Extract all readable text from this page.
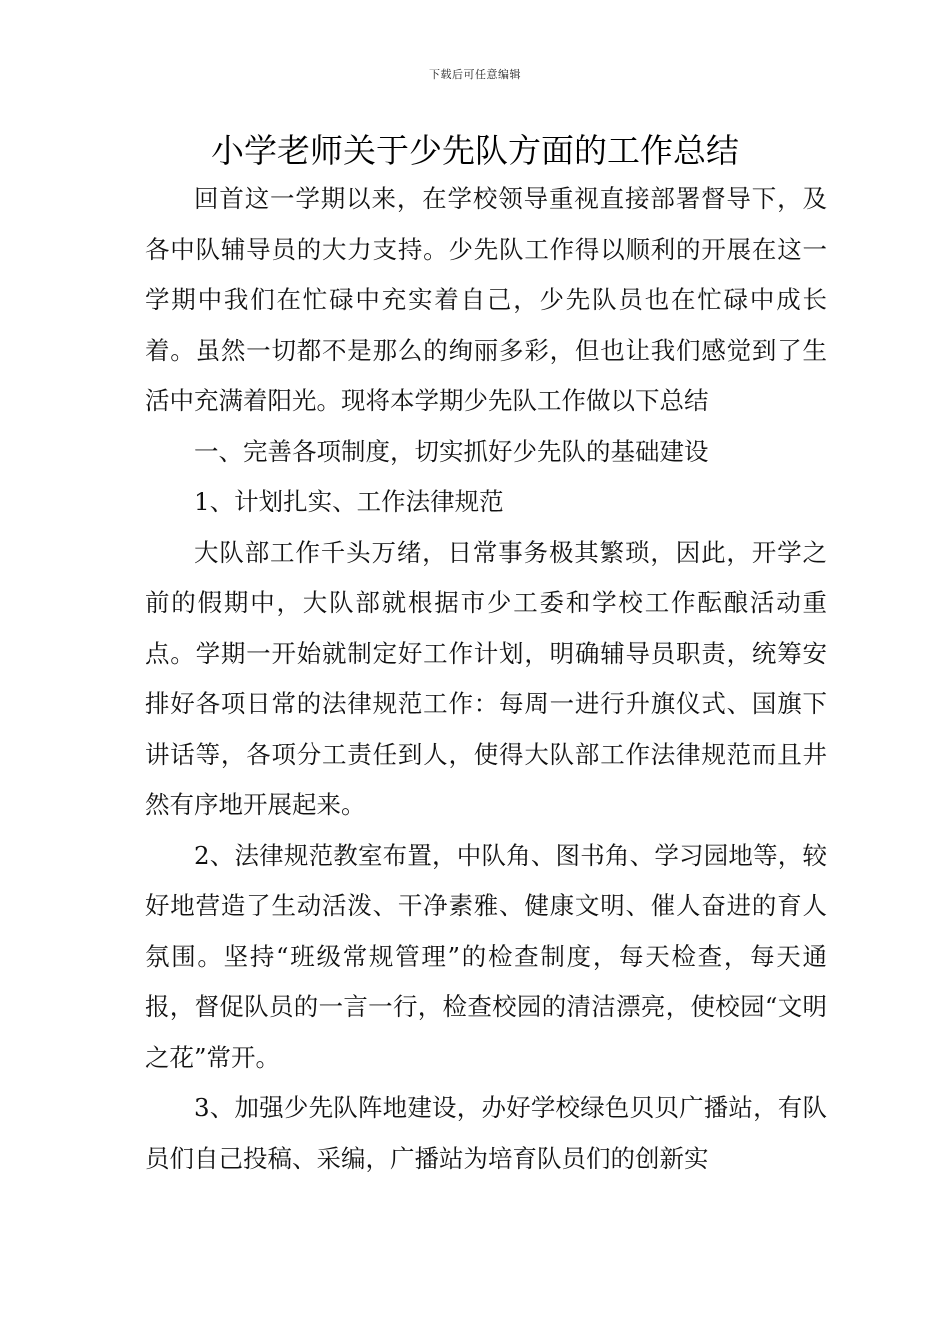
下载后可任意编辑
小学老师关于少先队方面的工作总结

回首这一学期以来，在学校领导重视直接部署督导下，及各中队辅导员的大力支持。少先队工作得以顺利的开展在这一学期中我们在忙碌中充实着自己，少先队员也在忙碌中成长着。虽然一切都不是那么的绚丽多彩，但也让我们感觉到了生活中充满着阳光。现将本学期少先队工作做以下总结

一、完善各项制度，切实抓好少先队的基础建设

1、计划扎实、工作法律规范

大队部工作千头万绪，日常事务极其繁琐，因此，开学之前的假期中，大队部就根据市少工委和学校工作酝酿活动重点。学期一开始就制定好工作计划，明确辅导员职责，统筹安排好各项日常的法律规范工作：每周一进行升旗仪式、国旗下讲话等，各项分工责任到人，使得大队部工作法律规范而且井然有序地开展起来。

2、法律规范教室布置，中队角、图书角、学习园地等，较好地营造了生动活泼、干净素雅、健康文明、催人奋进的育人氛围。坚持“班级常规管理”的检查制度，每天检查，每天通报，督促队员的一言一行，检查校园的清洁漂亮，使校园“文明之花”常开。

3、加强少先队阵地建设，办好学校绿色贝贝广播站，有队员们自己投稿、采编，广播站为培育队员们的创新实
